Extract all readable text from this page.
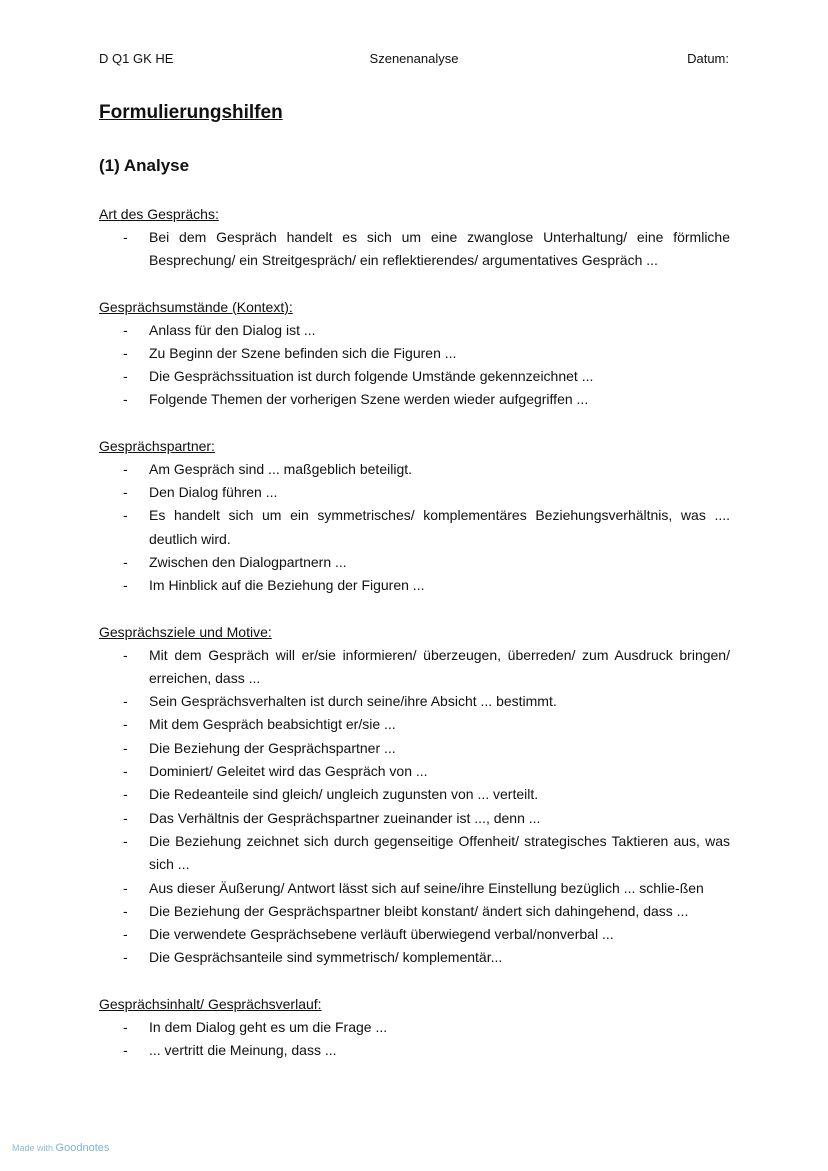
D Q1 GK HE	Szenenanalyse	Datum:
Formulierungshilfen
(1) Analyse
Art des Gesprächs:
- Bei dem Gespräch handelt es sich um eine zwanglose Unterhaltung/ eine förmliche Besprechung/ ein Streitgespräch/ ein reflektierendes/ argumentatives Gespräch ...
Gesprächsumstände (Kontext):
- Anlass für den Dialog ist ...
- Zu Beginn der Szene befinden sich die Figuren ...
- Die Gesprächssituation ist durch folgende Umstände gekennzeichnet ...
- Folgende Themen der vorherigen Szene werden wieder aufgegriffen ...
Gesprächspartner:
- Am Gespräch sind ... maßgeblich beteiligt.
- Den Dialog führen ...
- Es handelt sich um ein symmetrisches/ komplementäres Beziehungsverhältnis, was .... deutlich wird.
- Zwischen den Dialogpartnern ...
- Im Hinblick auf die Beziehung der Figuren ...
Gesprächsziele und Motive:
- Mit dem Gespräch will er/sie informieren/ überzeugen, überreden/ zum Ausdruck bringen/ erreichen, dass ...
- Sein Gesprächsverhalten ist durch seine/ihre Absicht ... bestimmt.
- Mit dem Gespräch beabsichtigt er/sie ...
- Die Beziehung der Gesprächspartner ...
- Dominiert/ Geleitet wird das Gespräch von ...
- Die Redeanteile sind gleich/ ungleich zugunsten von ... verteilt.
- Das Verhältnis der Gesprächspartner zueinander ist ..., denn ...
- Die Beziehung zeichnet sich durch gegenseitige Offenheit/ strategisches Taktieren aus, was sich ...
- Aus dieser Äußerung/ Antwort lässt sich auf seine/ihre Einstellung bezüglich ... schlie-ßen
- Die Beziehung der Gesprächspartner bleibt konstant/ ändert sich dahingehend, dass ...
- Die verwendete Gesprächsebene verläuft überwiegend verbal/nonverbal ...
- Die Gesprächsanteile sind symmetrisch/ komplementär...
Gesprächsinhalt/ Gesprächsverlauf:
- In dem Dialog geht es um die Frage ...
- ... vertritt die Meinung, dass ...
Made with Goodnotes
